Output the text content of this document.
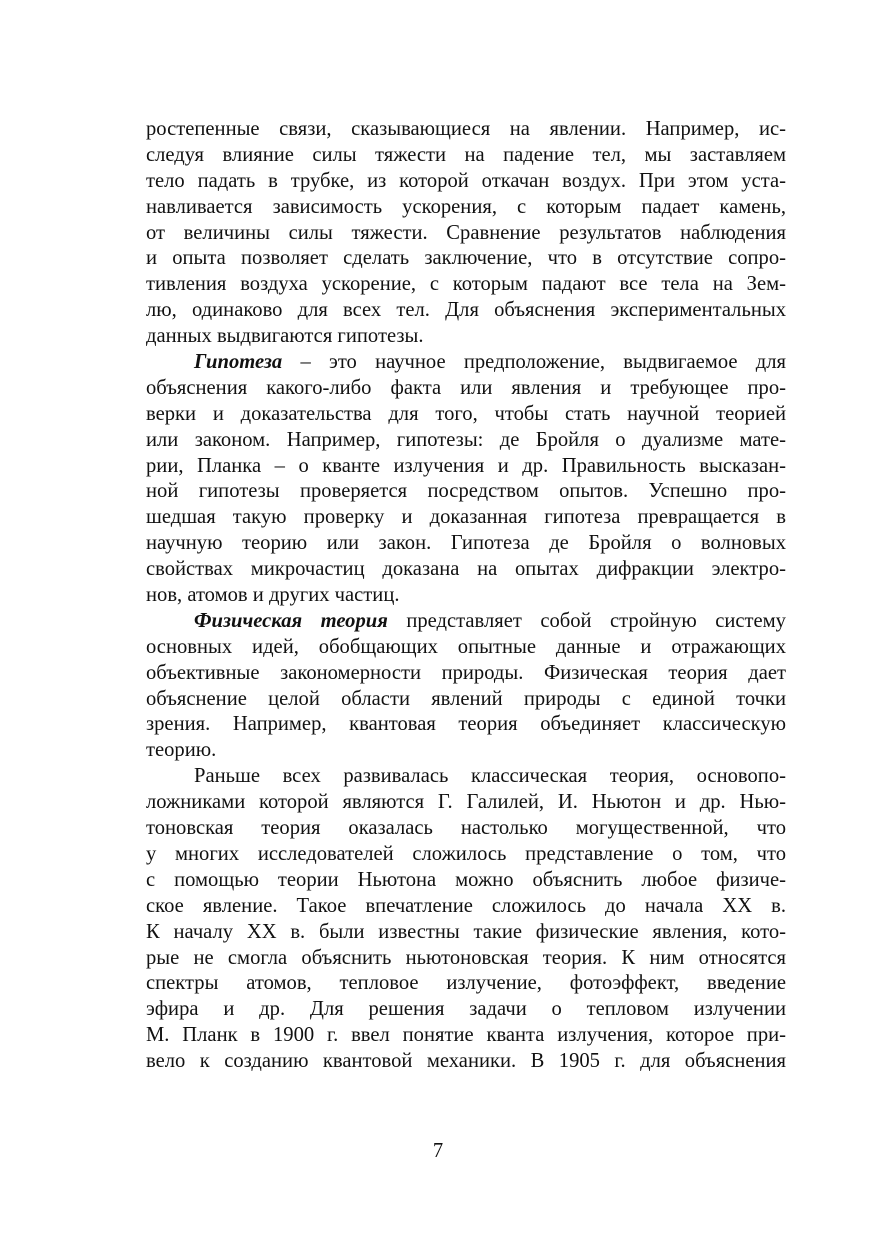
ростепенные связи, сказывающиеся на явлении. Например, ис-
следуя влияние силы тяжести на падение тел, мы заставляем
тело падать в трубке, из которой откачан воздух. При этом уста-
навливается зависимость ускорения, с которым падает камень,
от величины силы тяжести. Сравнение результатов наблюдения
и опыта позволяет сделать заключение, что в отсутствие сопро-
тивления воздуха ускорение, с которым падают все тела на Зем-
лю, одинаково для всех тел. Для объяснения экспериментальных
данных выдвигаются гипотезы.
Гипотеза – это научное предположение, выдвигаемое для
объяснения какого-либо факта или явления и требующее про-
верки и доказательства для того, чтобы стать научной теорией
или законом. Например, гипотезы: де Бройля о дуализме мате-
рии, Планка – о кванте излучения и др. Правильность высказан-
ной гипотезы проверяется посредством опытов. Успешно про-
шедшая такую проверку и доказанная гипотеза превращается в
научную теорию или закон. Гипотеза де Бройля о волновых
свойствах микрочастиц доказана на опытах дифракции электро-
нов, атомов и других частиц.
Физическая теория представляет собой стройную систему
основных идей, обобщающих опытные данные и отражающих
объективные закономерности природы. Физическая теория дает
объяснение целой области явлений природы с единой точки
зрения. Например, квантовая теория объединяет классическую
теорию.
Раньше всех развивалась классическая теория, основопо-
ложниками которой являются Г. Галилей, И. Ньютон и др. Нью-
тоновская теория оказалась настолько могущественной, что
у многих исследователей сложилось представление о том, что
с помощью теории Ньютона можно объяснить любое физиче-
ское явление. Такое впечатление сложилось до начала XX в.
К началу XX в. были известны такие физические явления, кото-
рые не смогла объяснить ньютоновская теория. К ним относятся
спектры атомов, тепловое излучение, фотоэффект, введение
эфира и др. Для решения задачи о тепловом излучении
М. Планк в 1900 г. ввел понятие кванта излучения, которое при-
вело к созданию квантовой механики. В 1905 г. для объяснения
7
